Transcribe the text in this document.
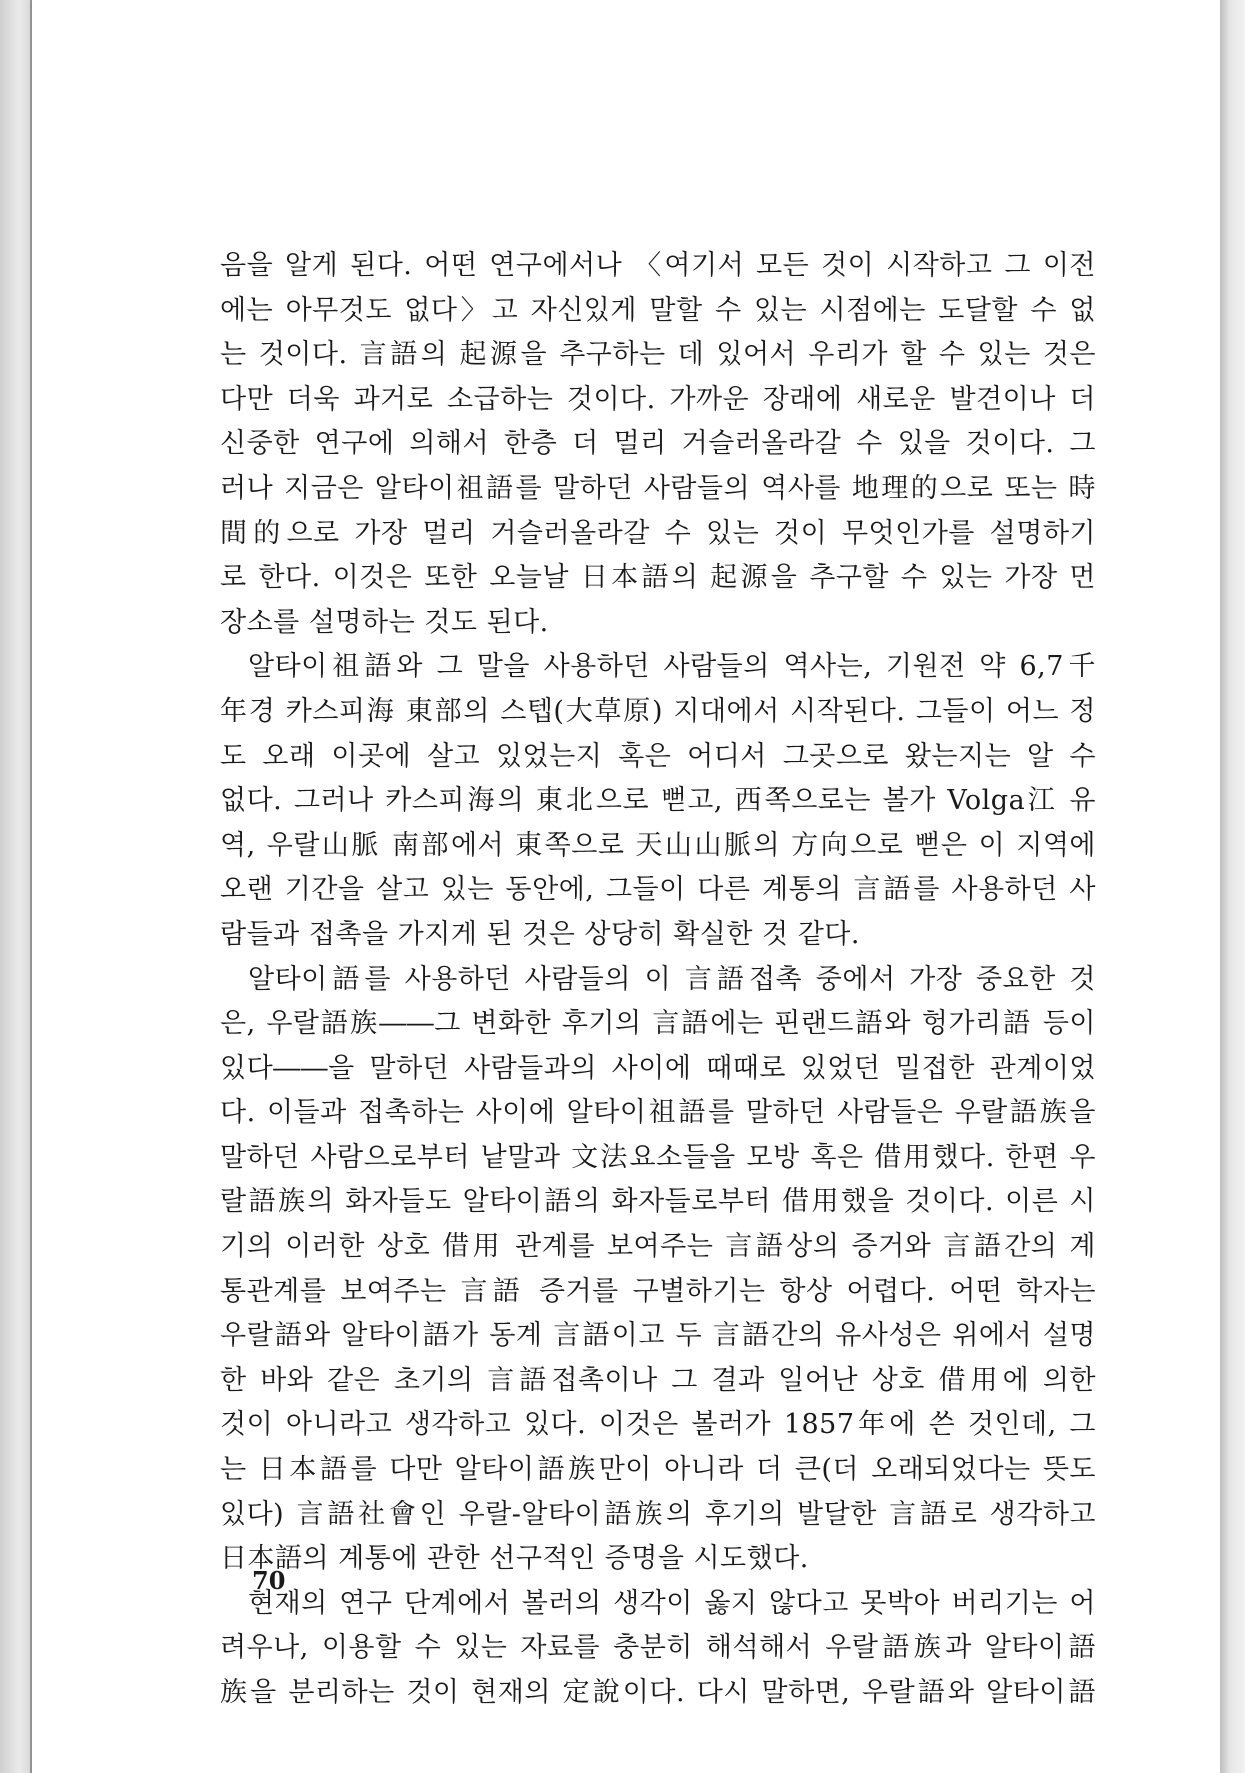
음을 알게 된다. 어떤 연구에서나 〈여기서 모든 것이 시작하고 그 이전
에는 아무것도 없다〉고 자신있게 말할 수 있는 시점에는 도달할 수 없
는 것이다. 言語의 起源을 추구하는 데 있어서 우리가 할 수 있는 것은
다만 더욱 과거로 소급하는 것이다. 가까운 장래에 새로운 발견이나 더
신중한 연구에 의해서 한층 더 멀리 거슬러올라갈 수 있을 것이다. 그
러나 지금은 알타이祖語를 말하던 사람들의 역사를 地理的으로 또는 時
間的으로 가장 멀리 거슬러올라갈 수 있는 것이 무엇인가를 설명하기
로 한다. 이것은 또한 오늘날 日本語의 起源을 추구할 수 있는 가장 먼
장소를 설명하는 것도 된다.

알타이祖語와 그 말을 사용하던 사람들의 역사는, 기원전 약 6,7千
年경 카스피海 東部의 스텝(大草原) 지대에서 시작된다. 그들이 어느 정
도 오래 이곳에 살고 있었는지 혹은 어디서 그곳으로 왔는지는 알 수
없다. 그러나 카스피海의 東北으로 뻗고, 西쪽으로는 볼가 Volga江 유
역, 우랄山脈 南部에서 東쪽으로 天山山脈의 方向으로 뻗은 이 지역에
오랜 기간을 살고 있는 동안에, 그들이 다른 계통의 言語를 사용하던 사
람들과 접촉을 가지게 된 것은 상당히 확실한 것 같다.

알타이語를 사용하던 사람들의 이 言語접촉 중에서 가장 중요한 것
은, 우랄語族――그 변화한 후기의 言語에는 핀랜드語와 헝가리語 등이
있다――을 말하던 사람들과의 사이에 때때로 있었던 밀접한 관계이었
다. 이들과 접촉하는 사이에 알타이祖語를 말하던 사람들은 우랄語族을
말하던 사람으로부터 낱말과 文法요소들을 모방 혹은 借用했다. 한편 우
랄語族의 화자들도 알타이語의 화자들로부터 借用했을 것이다. 이른 시
기의 이러한 상호 借用 관계를 보여주는 言語상의 증거와 言語간의 계
통관계를 보여주는 言語 증거를 구별하기는 항상 어렵다. 어떤 학자는
우랄語와 알타이語가 동계 言語이고 두 言語간의 유사성은 위에서 설명
한 바와 같은 초기의 言語접촉이나 그 결과 일어난 상호 借用에 의한
것이 아니라고 생각하고 있다. 이것은 볼러가 1857年에 쓴 것인데, 그
는 日本語를 다만 알타이語族만이 아니라 더 큰(더 오래되었다는 뜻도
있다) 言語社會인 우랄-알타이語族의 후기의 발달한 言語로 생각하고
日本語의 계통에 관한 선구적인 증명을 시도했다.

현재의 연구 단계에서 볼러의 생각이 옳지 않다고 못박아 버리기는 어
려우나, 이용할 수 있는 자료를 충분히 해석해서 우랄語族과 알타이語
族을 분리하는 것이 현재의 定說이다. 다시 말하면, 우랄語와 알타이語

70
